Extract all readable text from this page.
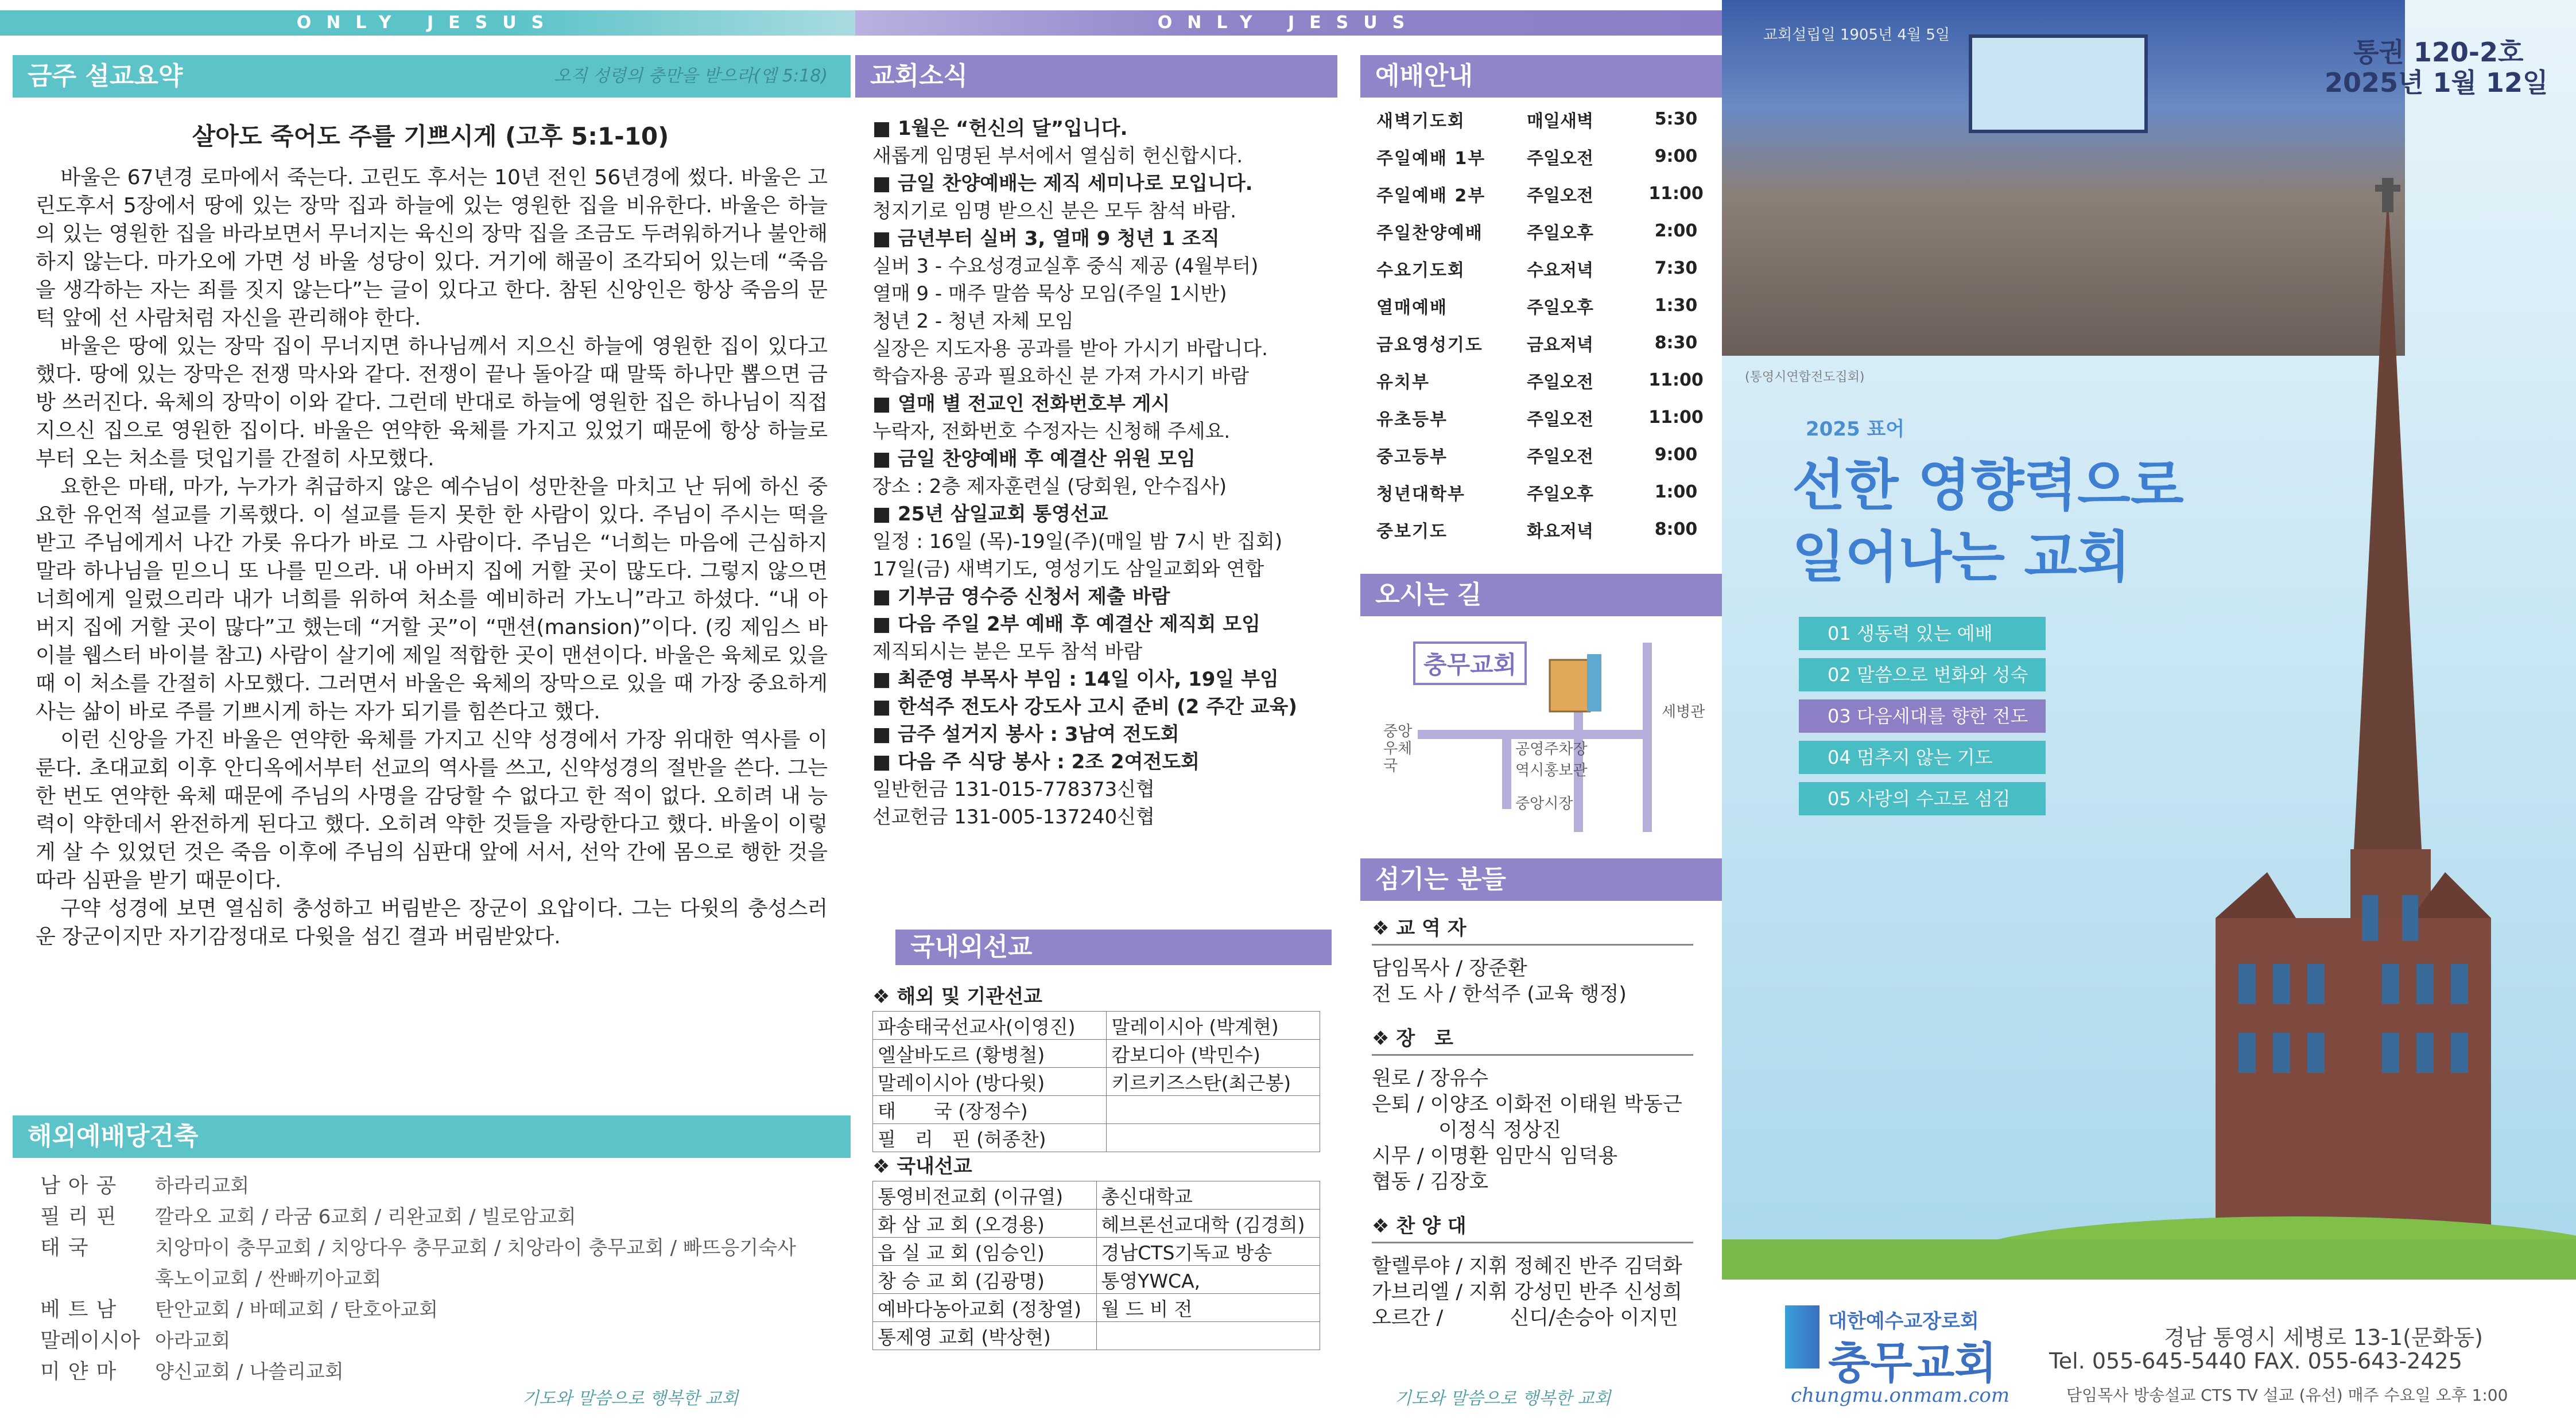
ONLY JESUS
금주 설교요약	오직 성령의 충만을 받으라(엡 5:18)
살아도 죽어도 주를 기쁘시게 (고후 5:1-10)

바울은 67년경 로마에서 죽는다. 고린도 후서는 10년 전인 56년경에 썼다. 바울은 고린도후서 5장에서 땅에 있는 장막 집과 하늘에 있는 영원한 집을 비유한다. 바울은 하늘의 있는 영원한 집을 바라보면서 무너지는 육신의 장막 집을 조금도 두려워하거나 불안해하지 않는다. 마가오에 가면 성 바울 성당이 있다. 거기에 해골이 조각되어 있는데 “죽음을 생각하는 자는 죄를 짓지 않는다”는 글이 있다고 한다. 참된 신앙인은 항상 죽음의 문턱 앞에 선 사람처럼 자신을 관리해야 한다.

바울은 땅에 있는 장막 집이 무너지면 하나님께서 지으신 하늘에 영원한 집이 있다고 했다. 땅에 있는 장막은 전쟁 막사와 같다. 전쟁이 끝나 돌아갈 때 말뚝 하나만 뽑으면 금방 쓰러진다. 육체의 장막이 이와 같다. 그런데 반대로 하늘에 영원한 집은 하나님이 직접 지으신 집으로 영원한 집이다. 바울은 연약한 육체를 가지고 있었기 때문에 항상 하늘로부터 오는 처소를 덧입기를 간절히 사모했다.

요한은 마태, 마가, 누가가 취급하지 않은 예수님이 성만찬을 마치고 난 뒤에 하신 중요한 유언적 설교를 기록했다. 이 설교를 듣지 못한 한 사람이 있다. 주님이 주시는 떡을 받고 주님에게서 나간 가롯 유다가 바로 그 사람이다. 주님은 “너희는 마음에 근심하지 말라 하나님을 믿으니 또 나를 믿으라. 내 아버지 집에 거할 곳이 많도다. 그렇지 않으면 너희에게 일렀으리라 내가 너희를 위하여 처소를 예비하러 가노니”라고 하셨다. “내 아버지 집에 거할 곳이 많다”고 했는데 “거할 곳”이 “맨션(mansion)”이다. (킹 제임스 바이블 웹스터 바이블 참고) 사람이 살기에 제일 적합한 곳이 맨션이다. 바울은 육체로 있을 때 이 처소를 간절히 사모했다. 그러면서 바울은 육체의 장막으로 있을 때 가장 중요하게 사는 삶이 바로 주를 기쁘시게 하는 자가 되기를 힘쓴다고 했다.

이런 신앙을 가진 바울은 연약한 육체를 가지고 신약 성경에서 가장 위대한 역사를 이룬다. 초대교회 이후 안디옥에서부터 선교의 역사를 쓰고, 신약성경의 절반을 쓴다. 그는 한 번도 연약한 육체 때문에 주님의 사명을 감당할 수 없다고 한 적이 없다. 오히려 내 능력이 약한데서 완전하게 된다고 했다. 오히려 약한 것들을 자랑한다고 했다. 바울이 이렇게 살 수 있었던 것은 죽음 이후에 주님의 심판대 앞에 서서, 선악 간에 몸으로 행한 것을 따라 심판을 받기 때문이다.

구약 성경에 보면 열심히 충성하고 버림받은 장군이 요압이다. 그는 다윗의 충성스러운 장군이지만 자기감정대로 다윗을 섬긴 결과 버림받았다.

해외예배당건축
남아공	하라리교회
필리핀	깔라오 교회 / 라굼 6교회 / 리완교회 / 빌로암교회
태국	치앙마이 충무교회 / 치앙다우 충무교회 / 치앙라이 충무교회 / 빠뜨응기숙사
훅노이교회 / 싼빠끼아교회
베트남	탄안교회 / 바떼교회 / 탄호아교회
말레이시아 아라교회
미얀마	양신교회 / 나쓸리교회
기도와 말씀으로 행복한 교회
교회소식
■ 1월은 “헌신의 달”입니다.
새롭게 임명된 부서에서 열심히 헌신합시다.
■ 금일 찬양예배는 제직 세미나로 모입니다.
청지기로 임명 받으신 분은 모두 참석 바람.
■ 금년부터 실버 3, 열매 9 청년 1 조직
실버 3 - 수요성경교실후 중식 제공 (4월부터)
열매 9 - 매주 말씀 묵상 모임(주일 1시반)
청년 2 - 청년 자체 모임
실장은 지도자용 공과를 받아 가시기 바랍니다.
학습자용 공과 필요하신 분 가져 가시기 바람
■ 열매 별 전교인 전화번호부 게시
누락자, 전화번호 수정자는 신청해 주세요.
■ 금일 찬양예배 후 예결산 위원 모임
장소 : 2층 제자훈련실 (당회원, 안수집사)
■ 25년 삼일교회 통영선교
일정 : 16일 (목)-19일(주)(매일 밤 7시 반 집회)
17일(금) 새벽기도, 영성기도 삼일교회와 연합
■ 기부금 영수증 신청서 제출 바람
■ 다음 주일 2부 예배 후 예결산 제직회 모임
제직되시는 분은 모두 참석 바람
■ 최준영 부목사 부임 : 14일 이사, 19일 부임
■ 한석주 전도사 강도사 고시 준비 (2 주간 교육)
■ 금주 설거지 봉사 : 3남여 전도회
■ 다음 주 식당 봉사 : 2조 2여전도회
일반헌금 131-015-778373신협
선교헌금 131-005-137240신협
국내외선교
❖ 해외 및 기관선교
파송태국선교사(이영진)	말레이시아 (박계현)
엘살바도르 (황병철)	캄보디아 (박민수)
말레이시아 (방다윗)	키르키즈스탄(최근봉)
태　　국 (장정수)	
필　리　핀 (허종찬)	
❖ 국내선교
통영비전교회 (이규열)	총신대학교
화 삼 교 회 (오경용)	헤브론선교대학 (김경희)
읍 실 교 회 (임승인)	경남CTS기독교 방송
창 승 교 회 (김광명)	통영YWCA,
예바다농아교회 (정창열)	월 드 비 전
통제영 교회 (박상현)	
ONLY JESUS
예배안내
새벽기도회	매일새벽	5:30
주일예배 1부	주일오전	9:00
주일예배 2부	주일오전	11:00
주일찬양예배	주일오후	2:00
수요기도회	수요저녁	7:30
열매예배	주일오후	1:30
금요영성기도	금요저녁	8:30
유치부	주일오전	11:00
유초등부	주일오전	11:00
중고등부	주일오전	9:00
청년대학부	주일오후	1:00
중보기도	화요저녁	8:00
오시는 길
충무교회
세병관
중앙우체국
공영주차장
역시홍보관
중앙시장
섬기는 분들
❖ 교 역 자
담임목사 / 장준환
전 도 사 / 한석주 (교육 행정)
❖ 장　로
원로 / 장유수
은퇴 / 이양조 이화전 이태원 박동근
　　　 이정식 정상진
시무 / 이명환 임만식 임덕용
협동 / 김장호
❖ 찬 양 대
할렐루야 / 지휘 정혜진 반주 김덕화
가브리엘 / 지휘 강성민 반주 신성희
오르간 /　　　 신디/손승아 이지민
기도와 말씀으로 행복한 교회
교회설립일 1905년 4월 5일
(통영시연합전도집회)
통권 120-2호
2025년 1월 12일
2025 표어
선한 영향력으로
일어나는 교회
01 생동력 있는 예배
02 말씀으로 변화와 성숙
03 다음세대를 향한 전도
04 멈추지 않는 기도
05 사랑의 수고로 섬김
대한예수교장로회
충무교회
chungmu.onmam.com
경남 통영시 세병로 13-1(문화동)
Tel. 055-645-5440 FAX. 055-643-2425
담임목사 방송설교 CTS TV 설교 (유선) 매주 수요일 오후 1:00
